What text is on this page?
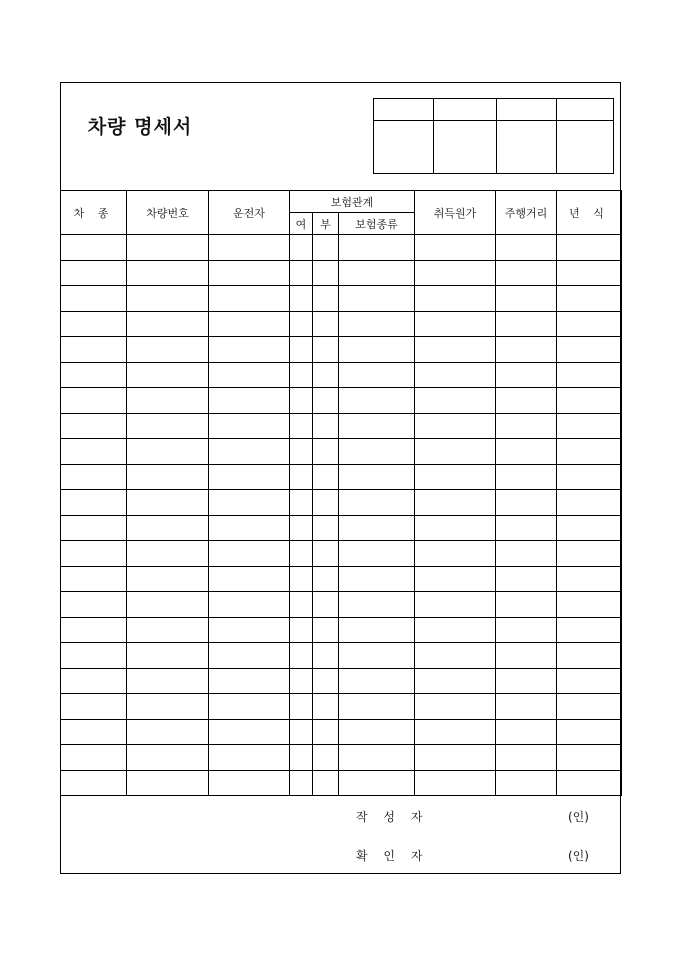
차량 명세서

차 종	차량번호	운전자	보험관계			취득원가	주행거리	년 식
			여	부	보험종류			

작 성 자	(인)
확 인 자	(인)
